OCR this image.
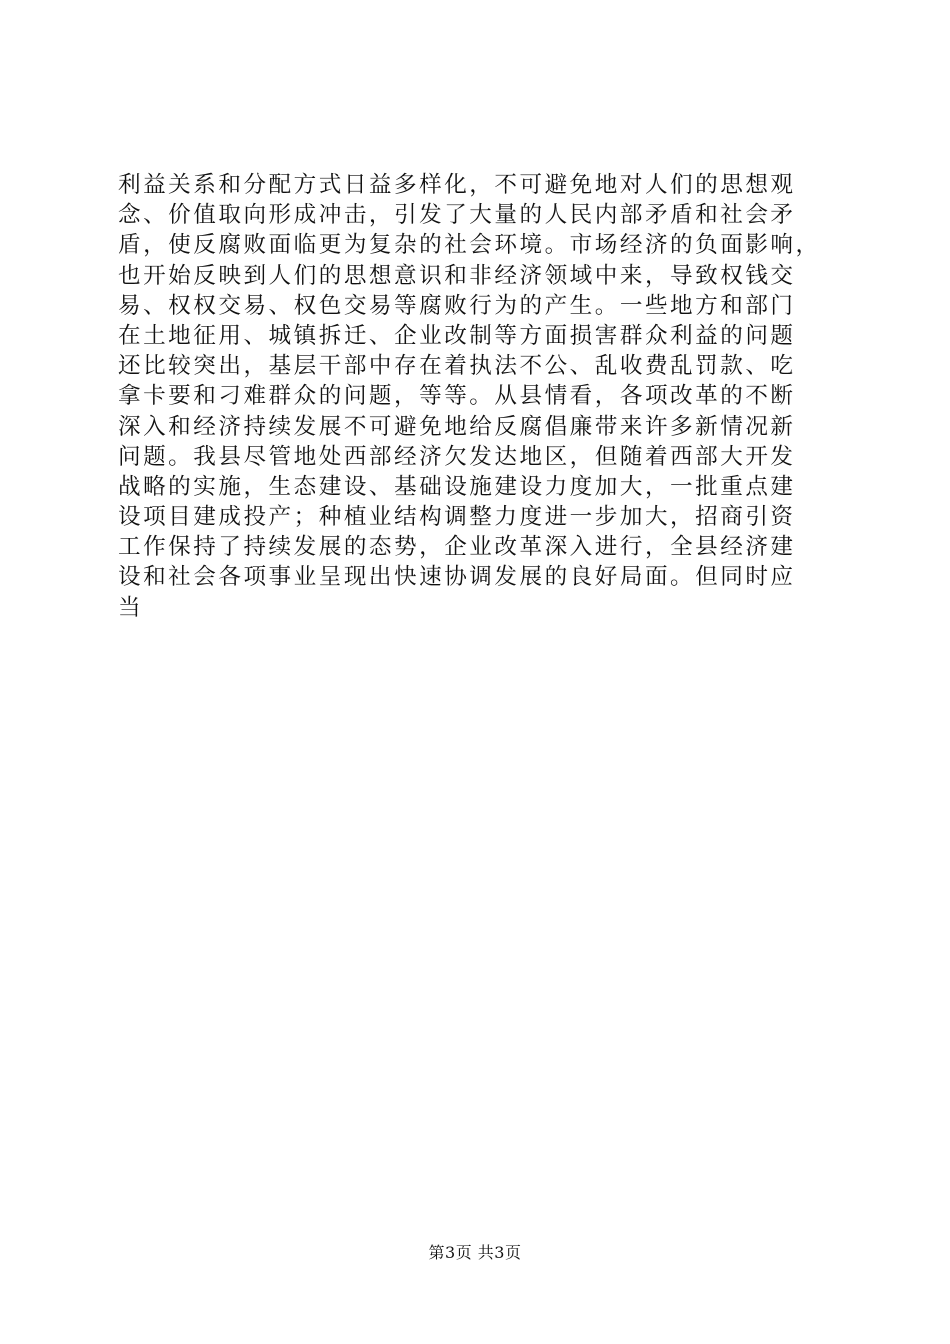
利益关系和分配方式日益多样化，不可避免地对人们的思想观
念、价值取向形成冲击，引发了大量的人民内部矛盾和社会矛
盾，使反腐败面临更为复杂的社会环境。市场经济的负面影响，
也开始反映到人们的思想意识和非经济领域中来，导致权钱交
易、权权交易、权色交易等腐败行为的产生。一些地方和部门
在土地征用、城镇拆迁、企业改制等方面损害群众利益的问题
还比较突出，基层干部中存在着执法不公、乱收费乱罚款、吃
拿卡要和刁难群众的问题，等等。从县情看，各项改革的不断
深入和经济持续发展不可避免地给反腐倡廉带来许多新情况新
问题。我县尽管地处西部经济欠发达地区，但随着西部大开发
战略的实施，生态建设、基础设施建设力度加大，一批重点建
设项目建成投产；种植业结构调整力度进一步加大，招商引资
工作保持了持续发展的态势，企业改革深入进行，全县经济建
设和社会各项事业呈现出快速协调发展的良好局面。但同时应
当
第3页 共3页
